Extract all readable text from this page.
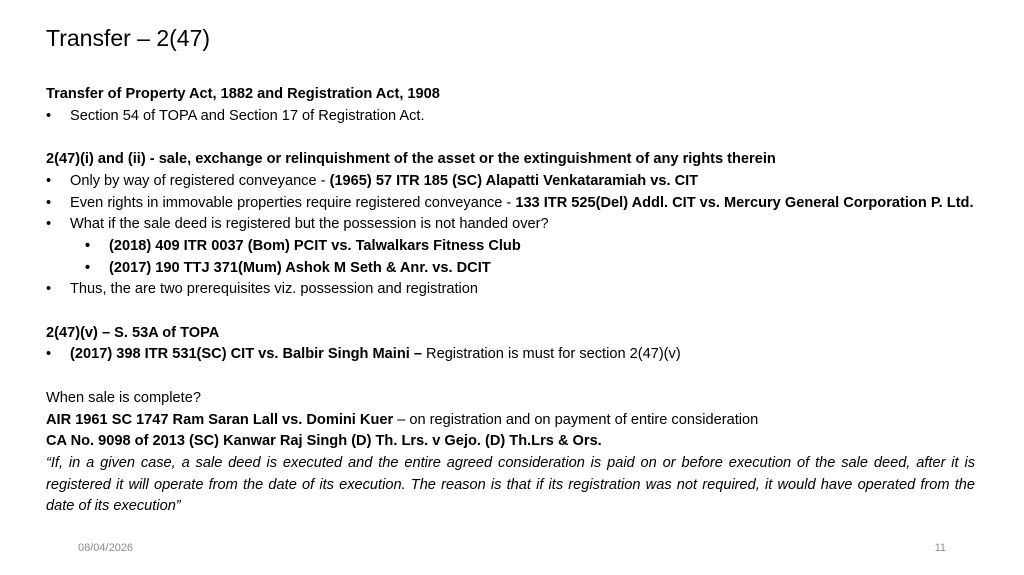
Transfer – 2(47)

Transfer of Property Act, 1882 and Registration Act, 1908

• Section 54 of TOPA and Section 17 of Registration Act.

2(47)(i) and (ii) - sale, exchange or relinquishment of the asset or the extinguishment of any rights therein

• Only by way of registered conveyance - (1965) 57 ITR 185 (SC) Alapatti Venkataramiah vs. CIT
• Even rights in immovable properties require registered conveyance - 133 ITR 525(Del) Addl. CIT vs. Mercury General Corporation P. Ltd.
• What if the sale deed is registered but the possession is not handed over?
• (2018) 409 ITR 0037 (Bom) PCIT vs. Talwalkars Fitness Club
• (2017) 190 TTJ 371(Mum) Ashok M Seth & Anr. vs. DCIT
• Thus, the are two prerequisites viz. possession and registration

2(47)(v) – S. 53A of TOPA

• (2017) 398 ITR 531(SC) CIT vs. Balbir Singh Maini – Registration is must for section 2(47)(v)

When sale is complete?

AIR 1961 SC 1747 Ram Saran Lall vs. Domini Kuer – on registration and on payment of entire consideration

CA No. 9098 of 2013 (SC) Kanwar Raj Singh (D) Th. Lrs. v Gejo. (D) Th.Lrs & Ors.

“If, in a given case, a sale deed is executed and the entire agreed consideration is paid on or before execution of the sale deed, after it is registered it will operate from the date of its execution. The reason is that if its registration was not required, it would have operated from the date of its execution”

08/04/2026	11
